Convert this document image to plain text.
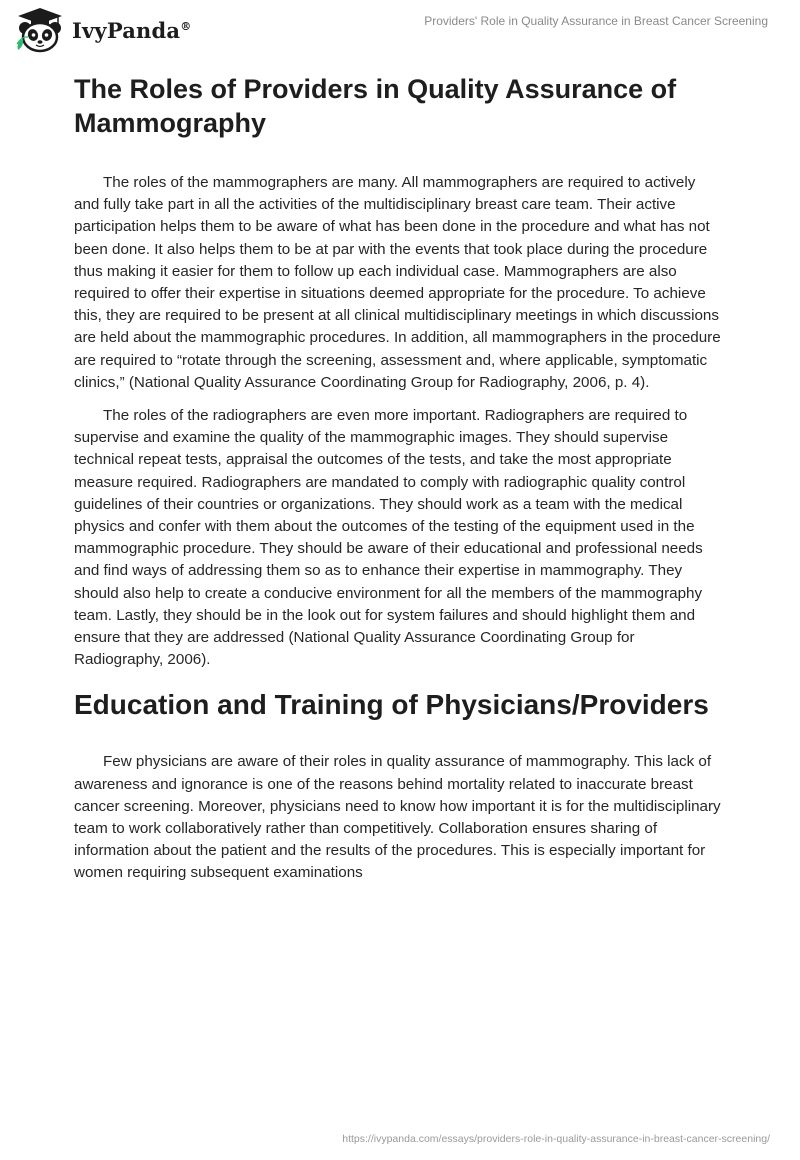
IvyPanda®	Providers' Role in Quality Assurance in Breast Cancer Screening
The Roles of Providers in Quality Assurance of Mammography

The roles of the mammographers are many. All mammographers are required to actively and fully take part in all the activities of the multidisciplinary breast care team. Their active participation helps them to be aware of what has been done in the procedure and what has not been done. It also helps them to be at par with the events that took place during the procedure thus making it easier for them to follow up each individual case. Mammographers are also required to offer their expertise in situations deemed appropriate for the procedure. To achieve this, they are required to be present at all clinical multidisciplinary meetings in which discussions are held about the mammographic procedures. In addition, all mammographers in the procedure are required to “rotate through the screening, assessment and, where applicable, symptomatic clinics,” (National Quality Assurance Coordinating Group for Radiography, 2006, p. 4).

The roles of the radiographers are even more important. Radiographers are required to supervise and examine the quality of the mammographic images. They should supervise technical repeat tests, appraisal the outcomes of the tests, and take the most appropriate measure required. Radiographers are mandated to comply with radiographic quality control guidelines of their countries or organizations. They should work as a team with the medical physics and confer with them about the outcomes of the testing of the equipment used in the mammographic procedure. They should be aware of their educational and professional needs and find ways of addressing them so as to enhance their expertise in mammography. They should also help to create a conducive environment for all the members of the mammography team. Lastly, they should be in the look out for system failures and should highlight them and ensure that they are addressed (National Quality Assurance Coordinating Group for Radiography, 2006).

Education and Training of Physicians/Providers

Few physicians are aware of their roles in quality assurance of mammography. This lack of awareness and ignorance is one of the reasons behind mortality related to inaccurate breast cancer screening. Moreover, physicians need to know how important it is for the multidisciplinary team to work collaboratively rather than competitively. Collaboration ensures sharing of information about the patient and the results of the procedures. This is especially important for women requiring subsequent examinations

https://ivypanda.com/essays/providers-role-in-quality-assurance-in-breast-cancer-screening/
